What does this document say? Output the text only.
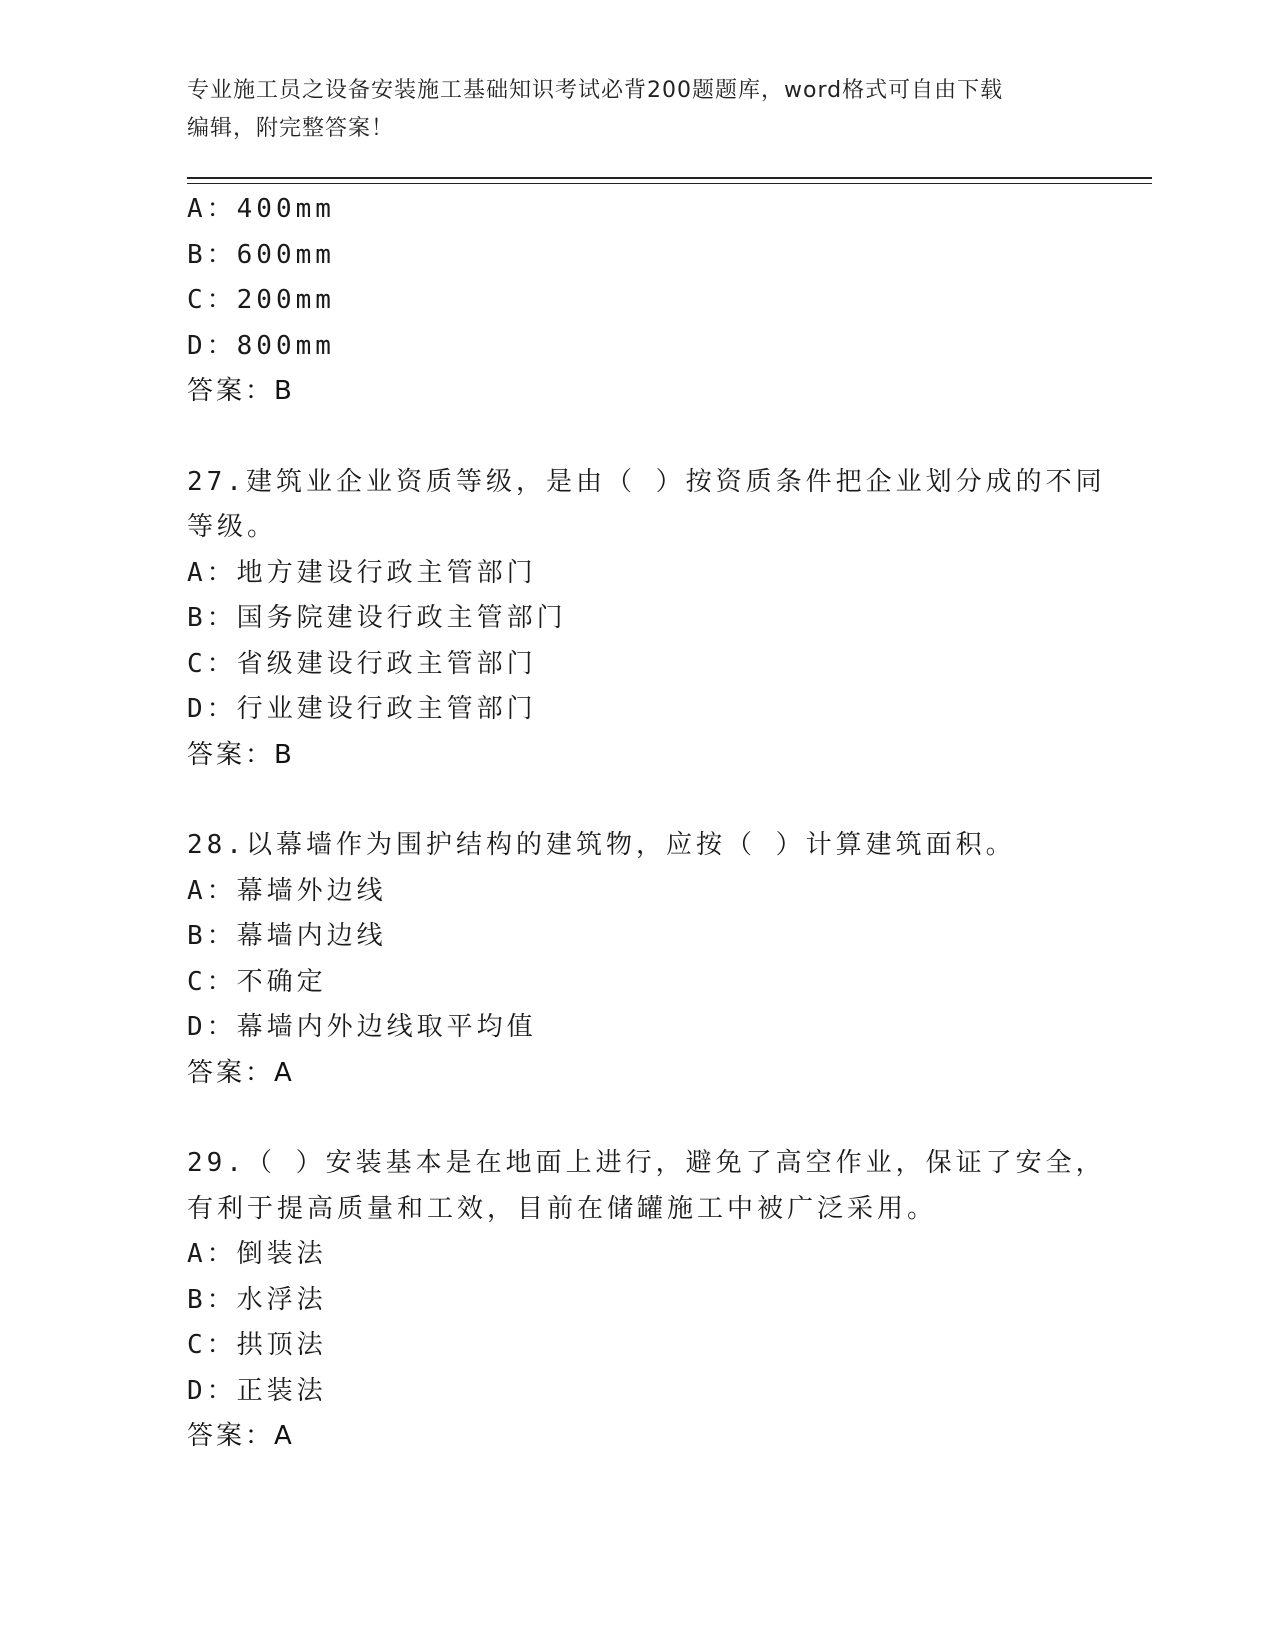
专业施工员之设备安装施工基础知识考试必背200题题库，word格式可自由下载
编辑，附完整答案！
A：400mm
B：600mm
C：200mm
D：800mm
答案：B
27.建筑业企业资质等级，是由（ ）按资质条件把企业划分成的不同
等级。
A：地方建设行政主管部门
B：国务院建设行政主管部门
C：省级建设行政主管部门
D：行业建设行政主管部门
答案：B
28.以幕墙作为围护结构的建筑物，应按（ ）计算建筑面积。
A：幕墙外边线
B：幕墙内边线
C：不确定
D：幕墙内外边线取平均值
答案：A
29.（ ）安装基本是在地面上进行，避免了高空作业，保证了安全，
有利于提高质量和工效，目前在储罐施工中被广泛采用。
A：倒装法
B：水浮法
C：拱顶法
D：正装法
答案：A
